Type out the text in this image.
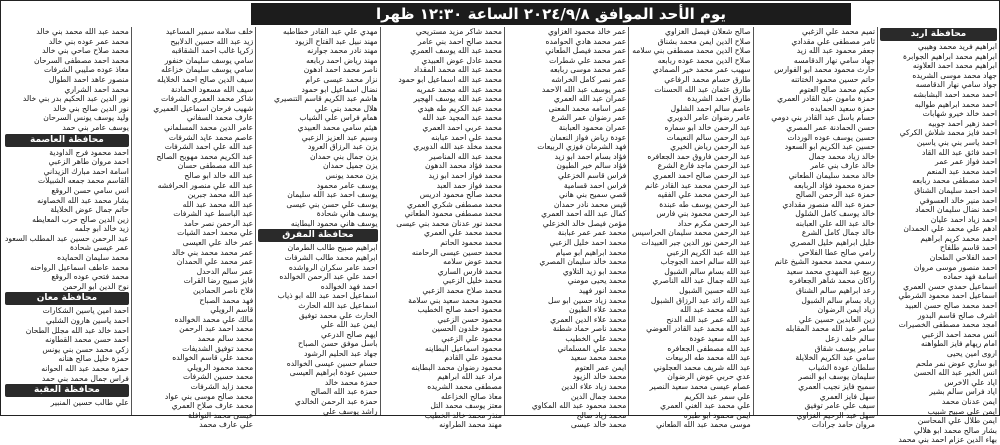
يوم الأحد الموافق ٢٠٢٤/٩/٨ الساعة ١٢:٣٠ ظهرا
محافظة اربد
ابراهيم فريد محمد وهيبي
ابراهيم محمد ابراهيم الجوابرة
ابراهيم محمد احمد العلاونه
جهاد محمد موسى الشريده
جواد سامي نهار الدقامسه
احمد محمد احمد البشابشه
احمد محمد ابراهيم طوالبه
احمد خالد خيرو شهابات
احمد زهير احمد جوبيه
احمد فايز محمد شلاش الكركي
احمد ياسر بني بني ياسين
احمد فائق عبد الله القاد
احمد فواز عمر عمر
احمد محمد عبد المنعم
احمد مصطفى محمد ربابعه
احمد احمد سليمان الشناق
احمد منير خالد العسوفي
احمد نضال سليمان الحماد
احمد زياد احمد عليان
ادهم علي محمد علي الحمدان
احمد محمد كريم ابراهيم
احمد قاسم طلفاح
احمد الفلاحي الطحان
احمد منصور موسى مروان
اسامة فهد حماده
اسماعيل حمدي حسن العمري
اسماعيل احمد محمود الشرطي
احمد محمد صالح حسن العبيد
اشرف صالح قاسم البدور
امجد محمد مصطفى الخصيرات
انس محمد احمد الزعبي
امام ريهام فايز الطواهنه
اروى امين يحيى
ابو ساري عوض نمر ملحم
انس الخير عبد الله الحسن
اياد علي الاخرس
اياد فراس سالم بشير
ايمن عدنان محمد
ايمن علي صبيح شبيب
ايمن طلال علي المحاسن
بشار صالح محمد ابو هلالي
بهاء الدين عزام احمد بني محمد
تميم محمد علي الزغبي
ثامر مصطفى علي مقدادي
جعفر محمود عبد الله زيد
جهاد سامي نهار الدقامسه
حارث محمود محمد ابو الفوارس
حاتم حسين محمود الختاتنه
حكيم محمد صالح العتوم
حمزة مامون عبد القادر العمري
حمزة سعيد الحمايده
حسام باسل عبد القادر بني دومي
حسن الحمادنة عمر المصري
حسين يوسف عوده الوردات
حسين عبد الكريم ابو السعود
خالد زياد محمد جمال
خالد عارف بني عامر
خالد محمد سليمان الطعاني
حمزة محمود فؤاد الربابعه
حمزة عبد الرحمن الصالح
حمزة عبد الله منصور مقدادي
خالد يوسف كامل الشلول
خالد عبد الله علي العبابنه
خالد جمال كامل الشرع
خليل ابراهيم خليل المصري
رامي صالح عطا الفلاحي
رسمي محمد محمود الشيخ غانم
ربيع عبد المهدي محمد سعيد
راكان محمد شاهر الجعافره
رعد ابراهيم سالم الشناق
زياد بسام سالم الشبول
زياد ايمن الرضوان
زين العابدين حسين علي
سامر عبد الله محمد المقابله
سالم خلف زعل
سامر يوسف شقاق
سامي عبد الكريم الخلايلة
سلطان عودة الشياب
سليمان يوسف ابو النصر
سميح فايز نجيب العمري
سهل فايز العمري
سيف علي عامر توفيق
سهل عبد الرحيم الغزاوي
مروان حامد جرادات
صالح شعلان فيصل الغزاوي
صلاح الدين ايمن محمد بشناق
صلاح الدين محمد مصطفى بني سلامه
صلاح الدين محمد عوده ربابعه
سهيب عمر محمد خير الصمادي
طارق حسام محمد الرفاعي
طارق عثمان عبد الله الحسنات
طارق احمد الشريدة
عاصم سالم احمد الشلول
عامر رضوان عامر الدويري
عبد الرحمن خالد ابو سماره
عبد الرحمن سالم النعيمات
عبد الرحمن رياض الخيري
عبد الرحمن فاروق حمد الجعافره
عبد الرحمن ماجد فارع الشرع
عبد الرحمن صالح احمد العمري
عبد الرحمن محمد عبد القادر غانم
عبد الرحمن محمد علي الفقيه
عبد الرحمن يوسف طه عبندة
عبد الرحمن محمود بني فارس
عبد الرحمن مكرم حداد
عبد الرحمن محمد سليمان الحراسيس
عبد الرحمن نور الدين جبر العبيدات
عبد الله عبد الكريم الزعبي
عبد الله سالم احمد الجوجاب
عبد الله بسام سالم الشبول
عبد الله جمال عبد الله الناصري
عبد الله حسين الشبول
عبد الله رائد عبد الرزاق الشبول
عبد الله محمد عبد الله
عبد الله عمر عبد الله الدنح
عبد الله محمد عبد القادر العوضي
عبد الله سعيد عودة
عبد الله مصطفى الجعافره
عبد الله محمد طه الربيعات
عبد الله شريف محمد العجلوني
عدي حربي عوض الرضوان
عصام عيسى محمد سعيد النصير
علي سمر عبد الكريم
علي محمد عبد الغني العمري
ايمن محمود ابو طبره
موسى محمد عبد الله الطعاني
عمر خالد محمود الغزاوي
عمر محمد هادي الحوامده
عمر محمد فيصل الطعاني
عمر محمد علي شطرات
عمر محمد موسى ربابعه
عمر نصر كامل الخراشه
عمر يوسف عبد الله الاحمد
عمران عبد الله العمري
عمر اسامه محمد المعنى
عمر رضوان عمر الشرع
عمران محمود العبابنة
عودة رياض فواز النعمان
فهد الشرمان فوزي الربيعات
فؤاد بسام احمد ابو زيد
فؤاد سالم خير الطيون
فراس قاسم الخزعلي
فراس احمد قسامية
قصي سميح بني هاني
قيس محمد نادر حمدان
كمال عبد الله احمد العمري
مؤمن فيصل خالد الخزعلي
محمد عمر عمر عبابنة
محمد احمد خليل الزعبي
محمد ابراهيم ابو صيام
محمد خالد سليمان المصري
محمد ابو زيد التلاوي
محمد يحيى مومني
محمد انور فهيد
محمد زياد حسين ابو سل
محمد علاء الطيون
محمد علاء الدين العمري
محمد ناصر حماد شطنة
محمد علي الخطيب
محمد علي المسلماني
محمد محمد سعيد
ايمن عمر العتوم
محمد خالد الزيود
محمد زياد علاء الدين
محمد جمال الدين
محمد محمود عبد الله المكاوي
محمد زياد صالح
محمد خالد عيسى
محمد شاكر مزيد مستريحي
محمد صالح احمد بني عامر
محمد عبد الله يوسف العمري
محمد عادل عوض العبيدي
محمد عبد الله محمد المقداد
محمد عبد الله اسماعيل ابو حمود
محمد عبد الله محمد عمريه
محمد عبد الله يوسف الهجير
محمد عبد الكريم طه هيدي
محمد عبد المجيد عبد الله
محمد عربي احمد العمري
محمد علي احمد عبابنه
محمد مخلد عبد الله الدويري
محمد عبد الله المناصير
محمد فؤاد محمد الدهون
محمد فواز احمد ابو زيد
محمد فواز حمد العبد
محمد صالح محمود ادريس
محمد مصطفى شكري العمري
محمد مصطفى محمود الطعاني
محمد نور عدنان محمد بني عيسى
محمد محمد علي العمري
محمد محمود الحاتم
محمد حسين عيسى الرحامنه
محمد عوض سلامه
محمد فارس الساري
محمد خليل الزعبي
محمد صلاح محمد الزعبي
محمود محمد سعيد بني سلامة
محمود احمد صالح الخطيب
محمود حسن الزعبي
محمود خلدون الحسين
محمود علي الزعبي
محمود اسماعيل البطاينه
محمود علي القادم
محمود رضوان محمد البطاينه
مراد عبد الله ابراهيم
مصطفى محمد الشريده
معاذ صالح الخزاعله
معتز يوسف محمد التل
منذر محمد خالد الخطيب
مهند محمد الطراونه
مهدي علي عبد القادر خطاطبه
مهند نبيل عبد الفتاح الزيود
مهند نادر محمد جوارنه
مهند رياض احمد ربابعه
ناصر محمد احمد ادهون
نزار محمد عيسى عرام
نضال اسماعيل ابو حمود
هاشم عبد الكريم قاسم التنصيري
هلال محمد بني علي
همام فراس علي الشياب
هيثم سامي محمد العبيدي
وسيم عبد العزيز الزعبي
يزن عبد الرزاق العرود
يزن جمال بني حمدان
يزن جميل حمدان
يزن محمد يونس
يوسف عامر محمود
يوسف احمد عبد الله سليمان
يوسف علي حسن بني عيسى
يوسف هاني شحادة
يوسف هاني محمود البطاينه
محافظة المفرق
ابراهيم صبيح طالب الطرمان
ابراهيم محمد طالب الشرفات
احمد عامر سكران الرواشده
احمد علي عبد الرحمن الخوالده
احمد فهد الخوالده
اسماعيل احمد عبد الله ابو ذياب
اسماعيل عبد الله الحارث
الحارث علي محمد توفيق
ايمن عبد الله علي
ايهم صالح الدرعي
باسل موفق حسن الصباح
جهاد عبد الحليم الرشود
حسام حسين عيسى الخوالده
حسين عودة ابراهيم العيسى
حمزة محمد خالد
حمزة عبد الله الصالح
حمزة عبد الرحمن الخالدي
راشد يوسف علي
خلف سلامه سمير المساعيد
زيد عبد الله حسين الدلابيح
زكريا غالب احمد الشقاقبه
سامي يوسف سليمان خنفور
سامي يوسف سليمان خزاعله
سيف الدين صالح احمد الخلايله
سيف الله مسعود الحمادنة
شاكر محمد العمري الشرفات
شهيب فرحان اسماعيل العميري
عارف محمد السفاني
عامر الدين محمد المسلماني
عاصم محمد عايد الشرفات
عبد الله علي احمد الشرفات
عبد الكريم محمد مهوبح الصالح
عبد الله مصطفى حسان
عبد الله خالد ابو صالح
عبد الله علي منصور الحرافشه
عبد الله محمد جبرين
عبد الله محمد عبد الله
عبد الباسط عيد الشرفات
عبد الرحمن نصر حامد
علي محمد احمد الشيات
عمر خالد علي العيسى
عمر محمد محمد بني خالد
عمر محمد علي الحمدان
عمر سالم الدحدل
فايز صبيح رضا القرات
فلاح ناصر الحمادين
فهد محمد الصباح
قاسم الرويلي
مالك علي محمد الخوالده
محمد احمد عبد الرحمن
محمد سالم محمد
محمد توفيق الشديفات
محمد علي قاسم الخوالده
محمد محمود الرويلي
محمد حسين الشرفات
محمد زايد الشرفات
محمد صالح موسى بني عواد
محمد عارف صلاح العمري
عيسى محمد النوافلة
علي عارف محمد
محمد عبد الله محمد بني خالد
محمد عمر عوده بني خالد
محمد صلاح صاحي بني خالد
محمد احمد مصطفى السرحان
معاذ عوده صليبي الشرفات
منصور عاهد احمد الطوال
محمد احمد الشراري
نور الدين عبد الحكيم بدر بني خالد
نور الدين صالح بني خالد
وليد يوسف يونس السرحان
يوسف عامر بني حمد
محافظة العاصمة
احمد محمود فرج الداودية
احمد مروان طاهر الزعبي
اسامة احمد مبارك الزيداني
القاسم محمد جمعه الشبيلات
انس سامي حسن الروقع
بشار محمد عبد الله الخصاونه
حاتم جمال عوض الخلايلة
زين الدين صالح حرب المعايطه
زيد خالد ابو جلمه
عبد الرحمن حسين عبد المطلب السعود
عمر عيسى شحادة
محمد سليمان الحمايده
محمد عاطف اسماعيل الرواحنه
محمد فتحي عوده الروقع
نوح الدين ابو الرحمن
محافظة معان
احمد امين ياسين الشكارات
احمد ياسين هارون الشلبي
احمد خالد عبد الله مجلل الطحان
احمد حسن محمد القطاونه
زكي محمد حسن بني يونس
حمزة خليل صالح هنانه
حمزة محمد عبد الله الحوانه
فراس جمال محمد بني حمد
محافظة العقبة
علي طالب حسين المنبير
